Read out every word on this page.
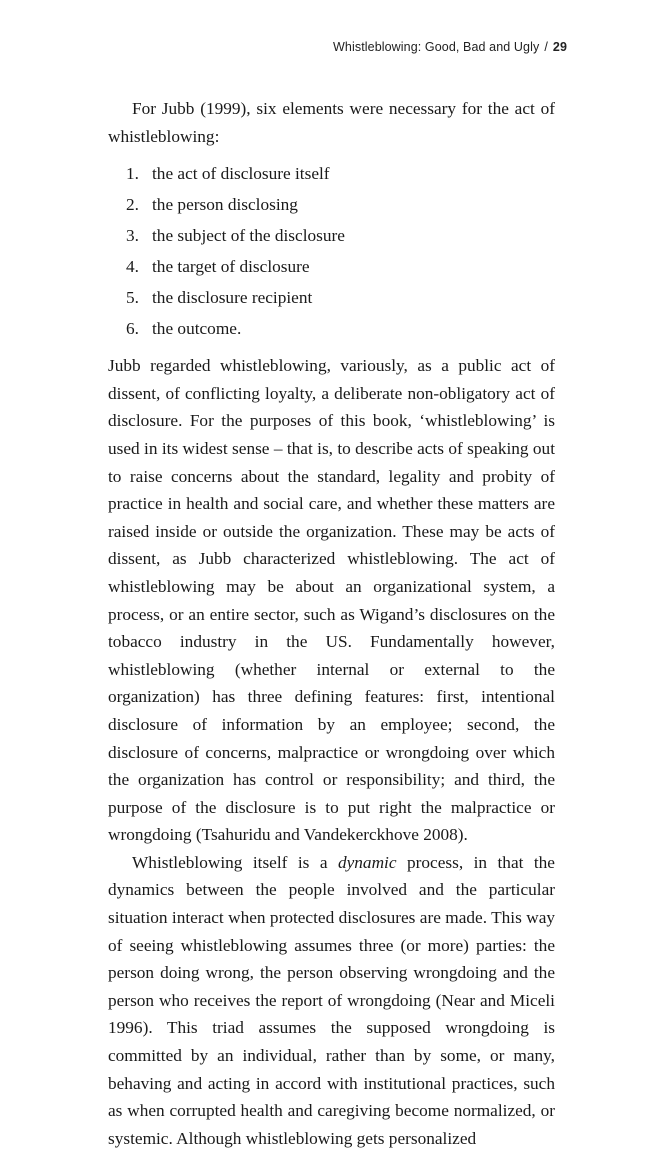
Whistleblowing: Good, Bad and Ugly / 29

For Jubb (1999), six elements were necessary for the act of whistleblowing:

1. the act of disclosure itself
2. the person disclosing
3. the subject of the disclosure
4. the target of disclosure
5. the disclosure recipient
6. the outcome.

Jubb regarded whistleblowing, variously, as a public act of dissent, of conflicting loyalty, a deliberate non-obligatory act of disclosure. For the purposes of this book, ‘whistleblowing’ is used in its widest sense – that is, to describe acts of speaking out to raise concerns about the standard, legality and probity of practice in health and social care, and whether these matters are raised inside or outside the organization. These may be acts of dissent, as Jubb characterized whistleblowing. The act of whistleblowing may be about an organizational system, a process, or an entire sector, such as Wigand’s disclosures on the tobacco industry in the US. Fundamentally however, whistleblowing (whether internal or external to the organization) has three defining features: first, intentional disclosure of information by an employee; second, the disclosure of concerns, malpractice or wrongdoing over which the organization has control or responsibility; and third, the purpose of the disclosure is to put right the malpractice or wrongdoing (Tsahuridu and Vandekerckhove 2008).

Whistleblowing itself is a dynamic process, in that the dynamics between the people involved and the particular situation interact when protected disclosures are made. This way of seeing whistleblowing assumes three (or more) parties: the person doing wrong, the person observing wrongdoing and the person who receives the report of wrongdoing (Near and Miceli 1996). This triad assumes the supposed wrongdoing is committed by an individual, rather than by some, or many, behaving and acting in accord with institutional practices, such as when corrupted health and caregiving become normalized, or systemic. Although whistleblowing gets personalized
